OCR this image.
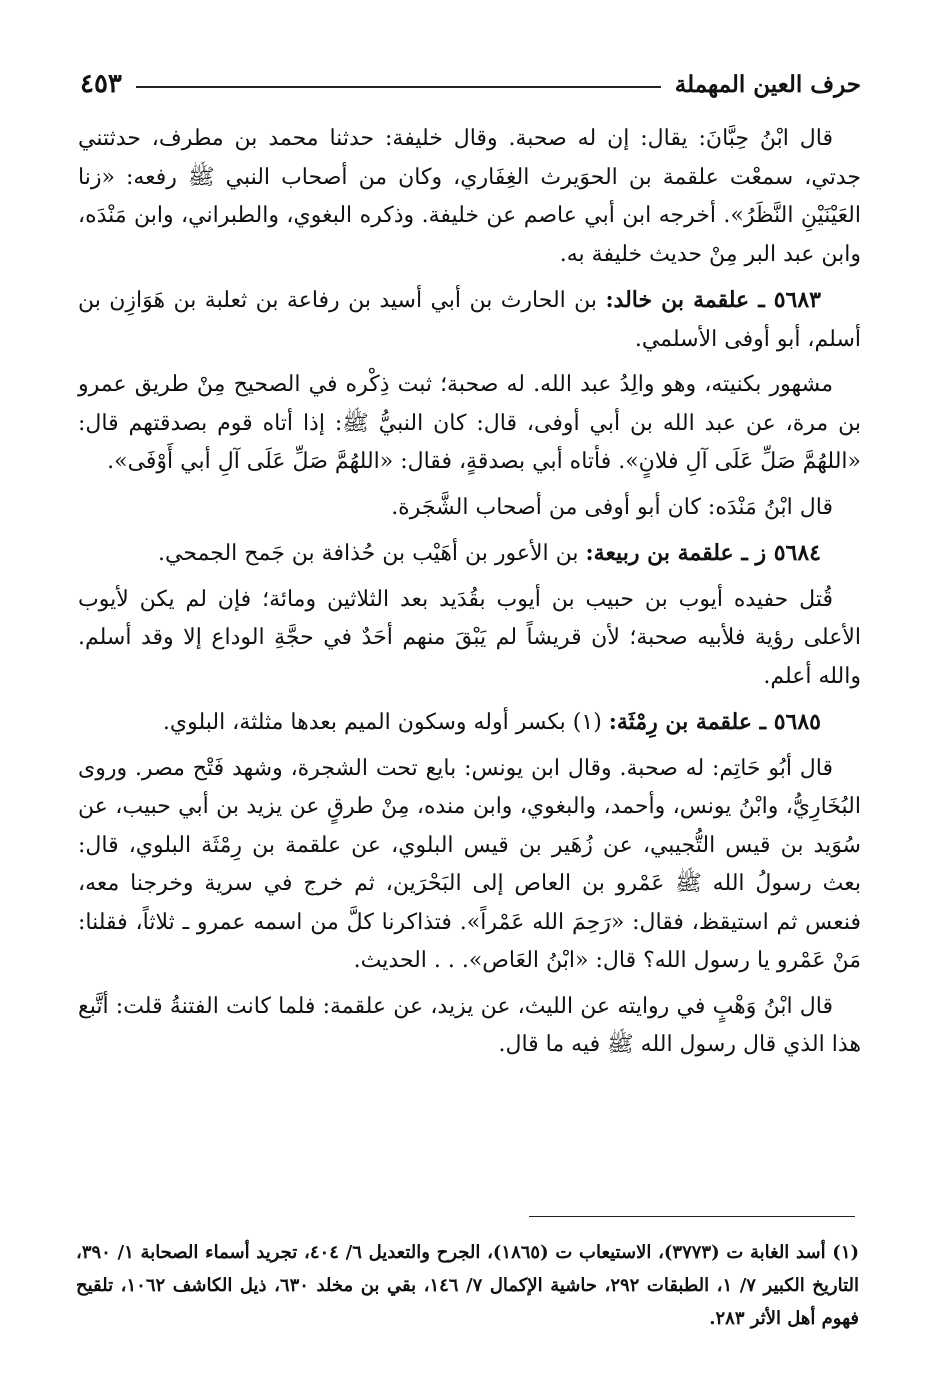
حرف العين المهملة
٤٥٣

قال ابْنُ حِبَّانَ: يقال: إن له صحبة. وقال خليفة: حدثنا محمد بن مطرف، حدثتني جدتي، سمعْت علقمة بن الحوَيرث الغِفَاري، وكان من أصحاب النبي ﷺ رفعه: «زنا العَيْنَيْنِ النَّظَرُ». أخرجه ابن أبي عاصم عن خليفة. وذكره البغوي، والطبراني، وابن مَنْدَه، وابن عبد البر مِنْ حديث خليفة به.

٥٦٨٣ ـ علقمة بن خالد: بن الحارث بن أبي أسيد بن رفاعة بن ثعلبة بن هَوَازِن بن أسلم، أبو أوفى الأسلمي.

مشهور بكنيته، وهو والِدُ عبد الله. له صحبة؛ ثبت ذِكْره في الصحيح مِنْ طريق عمرو بن مرة، عن عبد الله بن أبي أوفى، قال: كان النبيُّ ﷺ: إذا أتاه قوم بصدقتهم قال: «اللهُمَّ صَلِّ عَلَى آلِ فلانٍ». فأتاه أبي بصدقةٍ، فقال: «اللهُمَّ صَلِّ عَلَى آلِ أبي أَوْفَى».

قال ابْنُ مَنْدَه: كان أبو أوفى من أصحاب الشَّجَرة.

٥٦٨٤ ز ـ علقمة بن ربيعة: بن الأعور بن أهَيْب بن حُذافة بن جَمح الجمحي.

قُتل حفيده أيوب بن حبيب بن أيوب بقُدَيد بعد الثلاثين ومائة؛ فإن لم يكن لأيوب الأعلى رؤية فلأبيه صحبة؛ لأن قريشاً لم يَبْقَ منهم أحَدٌ في حجَّةِ الوداع إلا وقد أسلم. والله أعلم.

٥٦٨٥ ـ علقمة بن رِمْثَة: (١) بكسر أوله وسكون الميم بعدها مثلثة، البلوي.

قال أبُو حَاتِم: له صحبة. وقال ابن يونس: بايع تحت الشجرة، وشهد فَتْح مصر. وروى البُخَارِيُّ، وابْنُ يونس، وأحمد، والبغوي، وابن منده، مِنْ طرقٍ عن يزيد بن أبي حبيب، عن سُوَيد بن قيس التُّجيبي، عن زُهَير بن قيس البلوي، عن علقمة بن رِمْثَة البلوي، قال: بعث رسولُ الله ﷺ عَمْرو بن العاص إلى البَحْرَين، ثم خرج في سرية وخرجنا معه، فنعس ثم استيقظ، فقال: «رَحِمَ الله عَمْراً». فتذاكرنا كلَّ من اسمه عمرو ـ ثلاثاً، فقلنا: مَنْ عَمْرو يا رسول الله؟ قال: «ابْنُ العَاص». . . الحديث.

قال ابْنُ وَهْبٍ في روايته عن الليث، عن يزيد، عن علقمة: فلما كانت الفتنةُ قلت: أتَّبع هذا الذي قال رسول الله ﷺ فيه ما قال.

(١) أسد الغابة ت (٣٧٧٣)، الاستيعاب ت (١٨٦٥)، الجرح والتعديل ٦/ ٤٠٤، تجريد أسماء الصحابة ١/ ٣٩٠، التاريخ الكبير ٧/ ١، الطبقات ٢٩٢، حاشية الإكمال ٧/ ١٤٦، بقي بن مخلد ٦٣٠، ذيل الكاشف ١٠٦٢، تلقيح فهوم أهل الأثر ٢٨٣.
